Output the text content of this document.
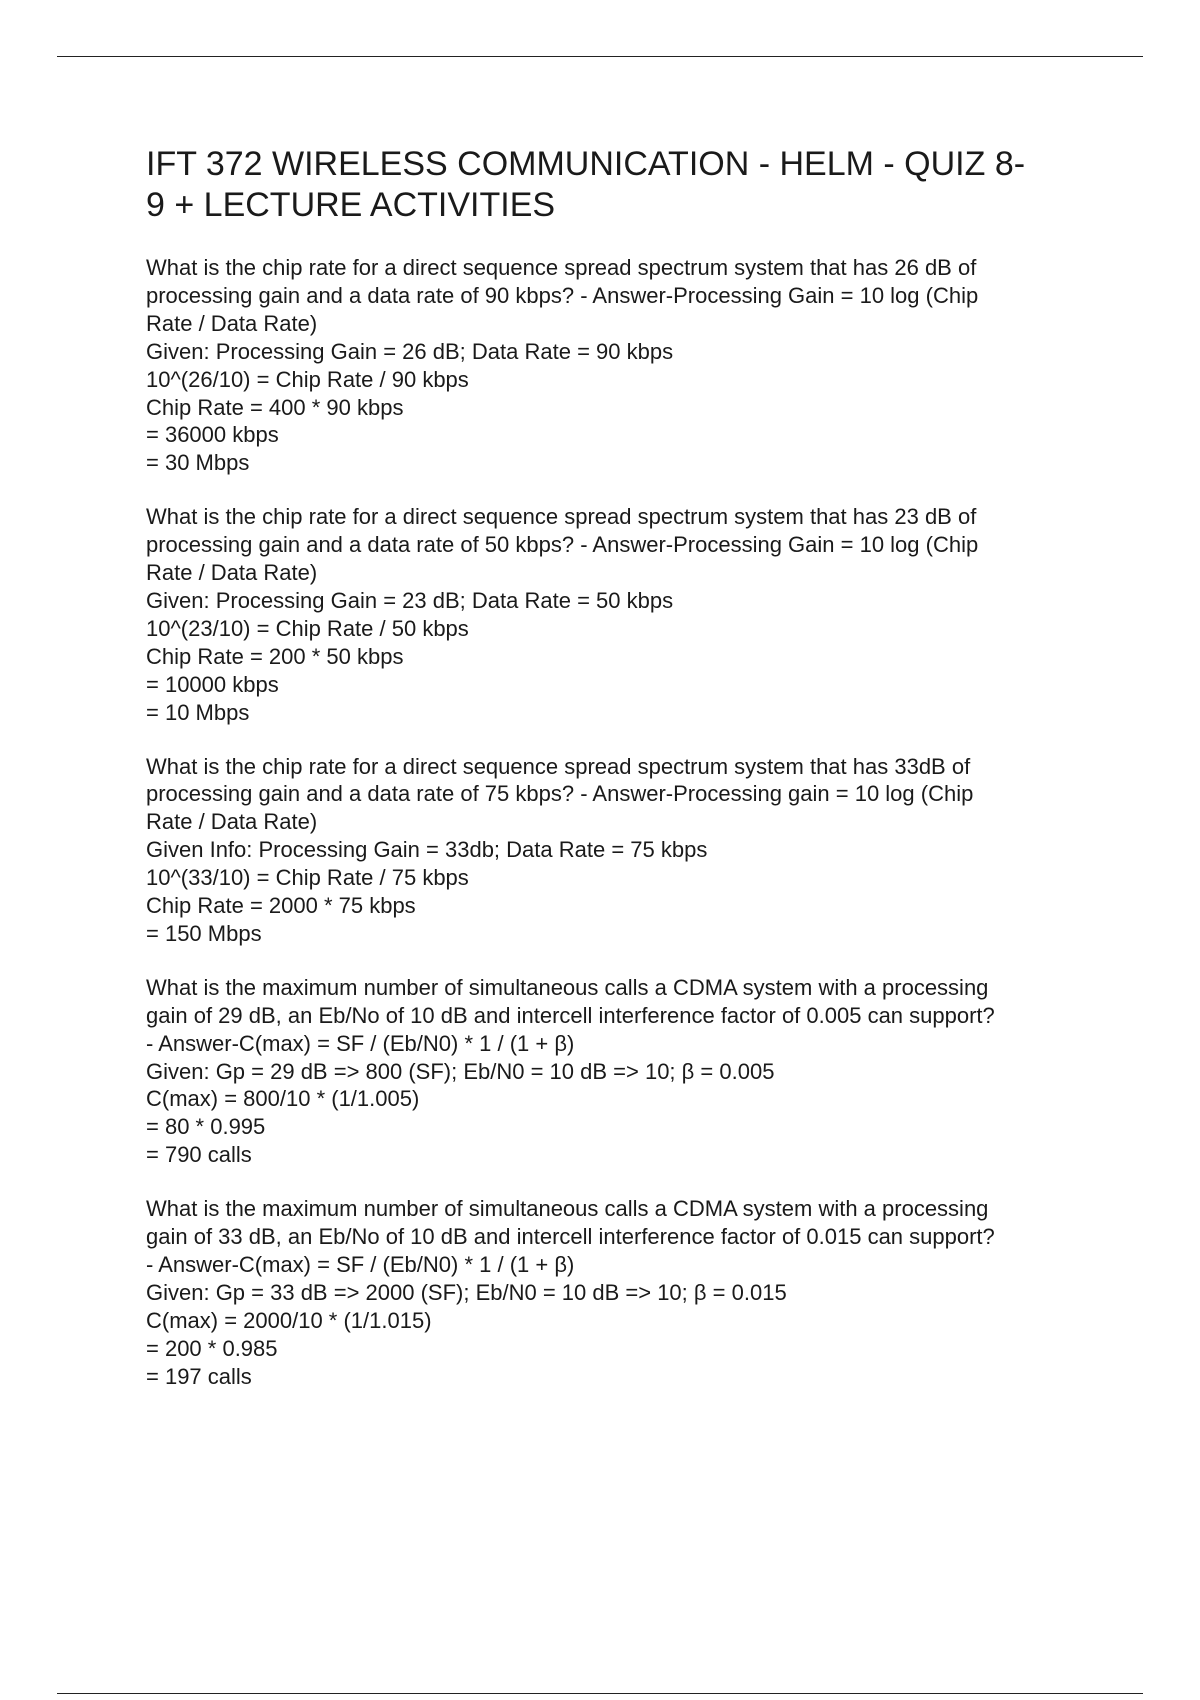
IFT 372 WIRELESS COMMUNICATION - HELM - QUIZ 8-
9 + LECTURE ACTIVITIES
What is the chip rate for a direct sequence spread spectrum system that has 26 dB of
processing gain and a data rate of 90 kbps? - Answer-Processing Gain = 10 log (Chip
Rate / Data Rate)
Given: Processing Gain = 26 dB; Data Rate = 90 kbps
10^(26/10) = Chip Rate / 90 kbps
Chip Rate = 400 * 90 kbps
= 36000 kbps
= 30 Mbps
What is the chip rate for a direct sequence spread spectrum system that has 23 dB of
processing gain and a data rate of 50 kbps? - Answer-Processing Gain = 10 log (Chip
Rate / Data Rate)
Given: Processing Gain = 23 dB; Data Rate = 50 kbps
10^(23/10) = Chip Rate / 50 kbps
Chip Rate = 200 * 50 kbps
= 10000 kbps
= 10 Mbps
What is the chip rate for a direct sequence spread spectrum system that has 33dB of
processing gain and a data rate of 75 kbps? - Answer-Processing gain = 10 log (Chip
Rate / Data Rate)
Given Info: Processing Gain = 33db; Data Rate = 75 kbps
10^(33/10) = Chip Rate / 75 kbps
Chip Rate = 2000 * 75 kbps
= 150 Mbps
What is the maximum number of simultaneous calls a CDMA system with a processing
gain of 29 dB, an Eb/No of 10 dB and intercell interference factor of 0.005 can support?
- Answer-C(max) = SF / (Eb/N0) * 1 / (1 + β)
Given: Gp = 29 dB => 800 (SF); Eb/N0 = 10 dB => 10; β = 0.005
C(max) = 800/10 * (1/1.005)
= 80 * 0.995
= 790 calls
What is the maximum number of simultaneous calls a CDMA system with a processing
gain of 33 dB, an Eb/No of 10 dB and intercell interference factor of 0.015 can support?
- Answer-C(max) = SF / (Eb/N0) * 1 / (1 + β)
Given: Gp = 33 dB => 2000 (SF); Eb/N0 = 10 dB => 10; β = 0.015
C(max) = 2000/10 * (1/1.015)
= 200 * 0.985
= 197 calls
